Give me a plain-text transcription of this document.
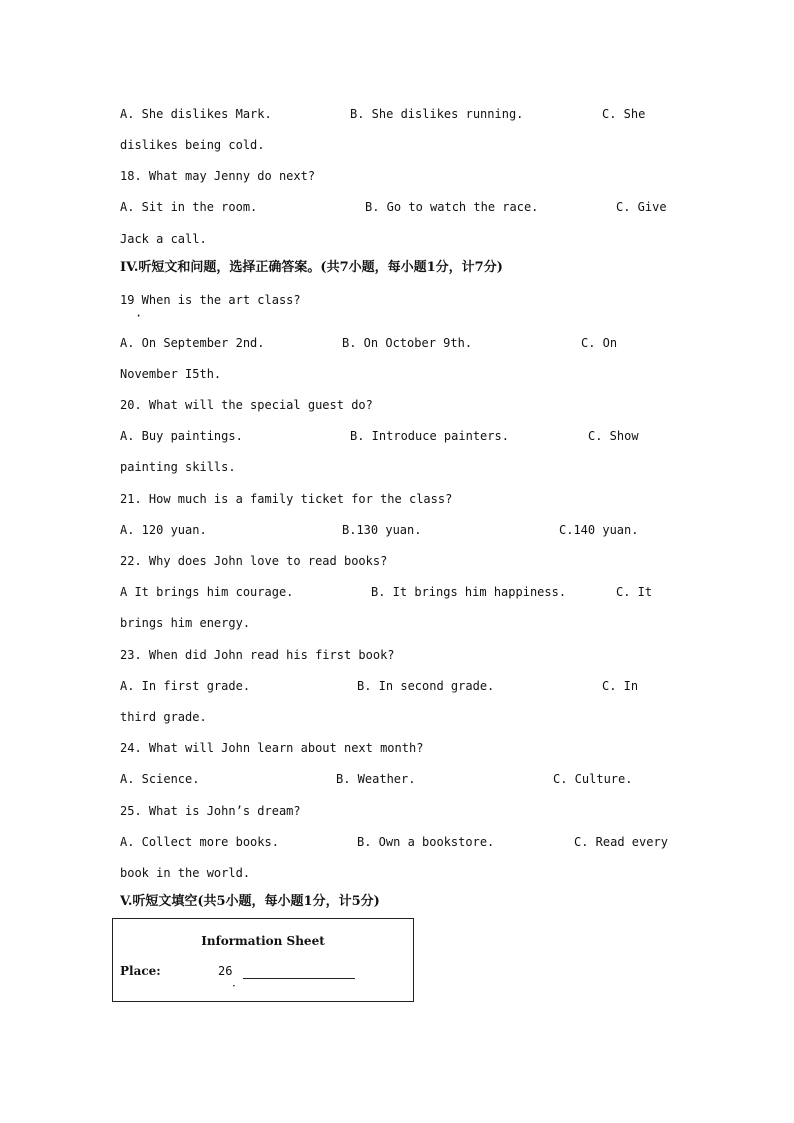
A. She dislikes Mark.

	B. She dislikes running.

	C. She

dislikes being cold.
18. What may Jenny do next?

A. Sit in the room.

	B. Go to watch the race.

	C. Give

Jack a call.
IV.听短文和问题，选择正确答案。(共7小题，每小题1分，计7分)
19 When is the art class?
·

A. On September 2nd.

	B. On October 9th.

	C. On

November I5th.
20. What will the special guest do?

A. Buy paintings.

	B. Introduce painters.

	C. Show

painting skills.
21. How much is a family ticket for the class?

A. 120 yuan.

	B.130 yuan.

	C.140 yuan.

22. Why does John love to read books?

A It brings him courage.

	B. It brings him happiness.

	C. It

brings him energy.
23. When did John read his first book?

A. In first grade.

	B. In second grade.

	C. In

third grade.
24. What will John learn about next month?

A. Science.

	B. Weather.

	C. Culture.

25. What is John’s dream?

A. Collect more books.

	B. Own a bookstore.

	C. Read every

book in the world.
V.听短文填空(共5小题，每小题1分，计5分)
Information Sheet
Place:	26
·
